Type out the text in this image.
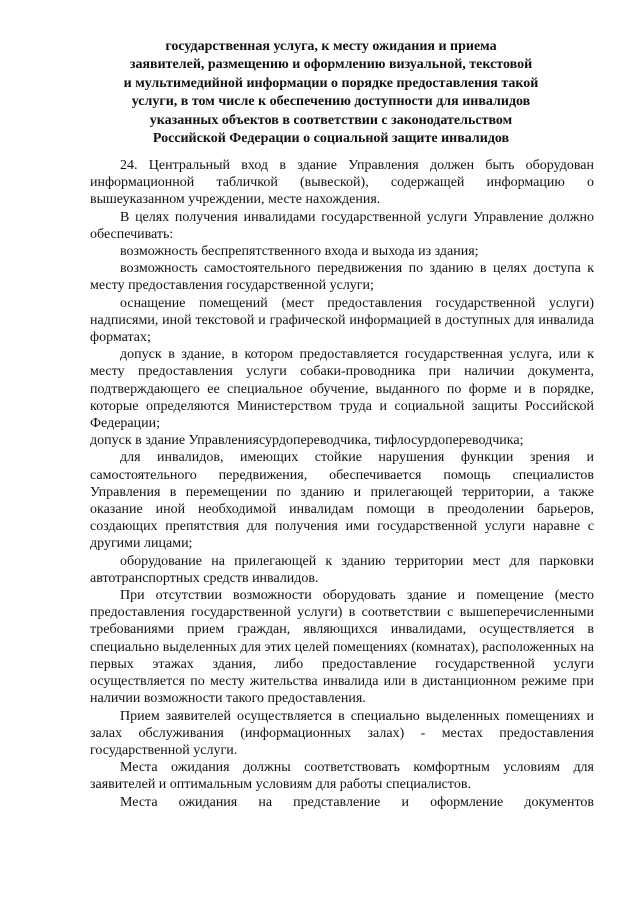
государственная услуга, к месту ожидания и приема
заявителей, размещению и оформлению визуальной, текстовой
и мультимедийной информации о порядке предоставления такой
услуги, в том числе к обеспечению доступности для инвалидов
указанных объектов в соответствии с законодательством
Российской Федерации о социальной защите инвалидов

24. Центральный вход в здание Управления должен быть оборудован информационной табличкой (вывеской), содержащей информацию о вышеуказанном учреждении, месте нахождения.

В целях получения инвалидами государственной услуги Управление должно обеспечивать:

возможность беспрепятственного входа и выхода из здания;

возможность самостоятельного передвижения по зданию в целях доступа к месту предоставления государственной услуги;

оснащение помещений (мест предоставления государственной услуги) надписями, иной текстовой и графической информацией в доступных для инвалида форматах;

допуск в здание, в котором предоставляется государственная услуга, или к месту предоставления услуги собаки-проводника при наличии документа, подтверждающего ее специальное обучение, выданного по форме и в порядке, которые определяются Министерством труда и социальной защиты Российской Федерации;

допуск в здание Управлениясурдопереводчика, тифлосурдопереводчика;

для инвалидов, имеющих стойкие нарушения функции зрения и самостоятельного передвижения, обеспечивается помощь специалистов Управления в перемещении по зданию и прилегающей территории, а также оказание иной необходимой инвалидам помощи в преодолении барьеров, создающих препятствия для получения ими государственной услуги наравне с другими лицами;

оборудование на прилегающей к зданию территории мест для парковки автотранспортных средств инвалидов.

При отсутствии возможности оборудовать здание и помещение (место предоставления государственной услуги) в соответствии с вышеперечисленными требованиями прием граждан, являющихся инвалидами, осуществляется в специально выделенных для этих целей помещениях (комнатах), расположенных на первых этажах здания, либо предоставление государственной услуги осуществляется по месту жительства инвалида или в дистанционном режиме при наличии возможности такого предоставления.

Прием заявителей осуществляется в специально выделенных помещениях и залах обслуживания (информационных залах) - местах предоставления государственной услуги.

Места ожидания должны соответствовать комфортным условиям для заявителей и оптимальным условиям для работы специалистов.

Места ожидания на представление и оформление документов
